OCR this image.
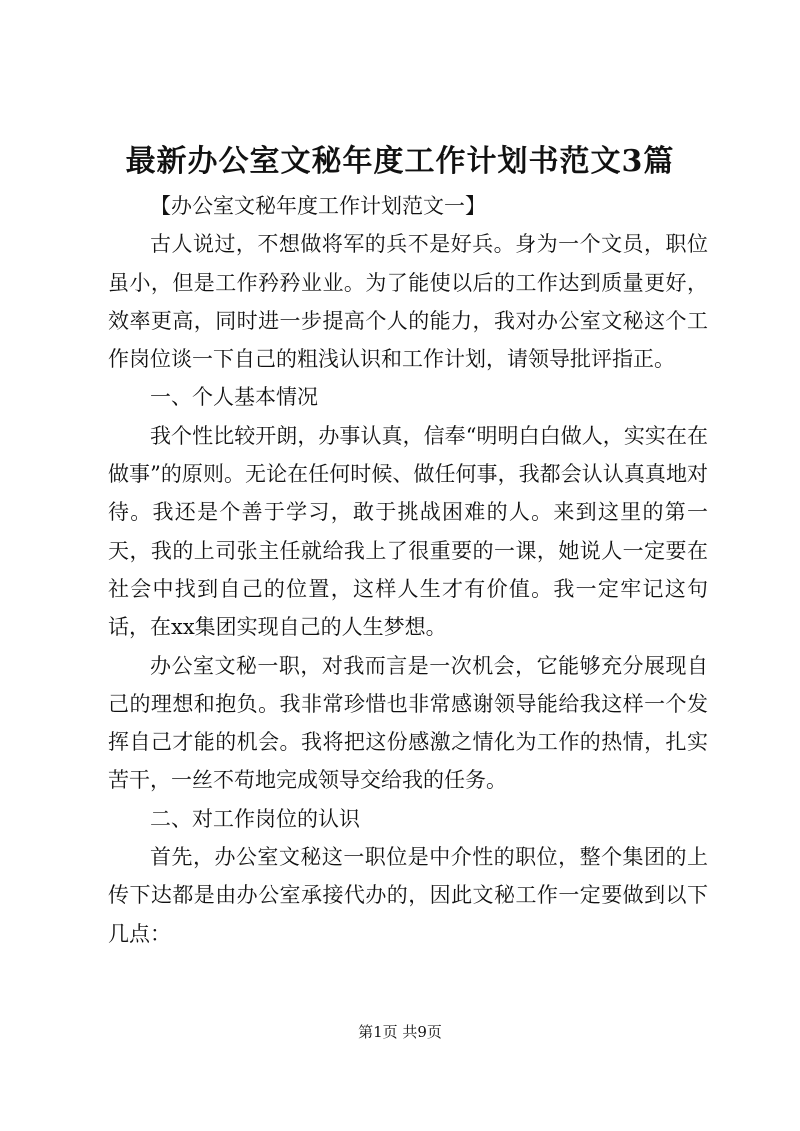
最新办公室文秘年度工作计划书范文3篇

【办公室文秘年度工作计划范文一】

古人说过，不想做将军的兵不是好兵。身为一个文员，职位虽小，但是工作矜矜业业。为了能使以后的工作达到质量更好，效率更高，同时进一步提高个人的能力，我对办公室文秘这个工作岗位谈一下自己的粗浅认识和工作计划，请领导批评指正。

一、个人基本情况

我个性比较开朗，办事认真，信奉“明明白白做人，实实在在做事”的原则。无论在任何时候、做任何事，我都会认认真真地对待。我还是个善于学习，敢于挑战困难的人。来到这里的第一天，我的上司张主任就给我上了很重要的一课，她说人一定要在社会中找到自己的位置，这样人生才有价值。我一定牢记这句话，在xx集团实现自己的人生梦想。

办公室文秘一职，对我而言是一次机会，它能够充分展现自己的理想和抱负。我非常珍惜也非常感谢领导能给我这样一个发挥自己才能的机会。我将把这份感激之情化为工作的热情，扎实苦干，一丝不苟地完成领导交给我的任务。

二、对工作岗位的认识

首先，办公室文秘这一职位是中介性的职位，整个集团的上传下达都是由办公室承接代办的，因此文秘工作一定要做到以下几点：

第1页 共9页
